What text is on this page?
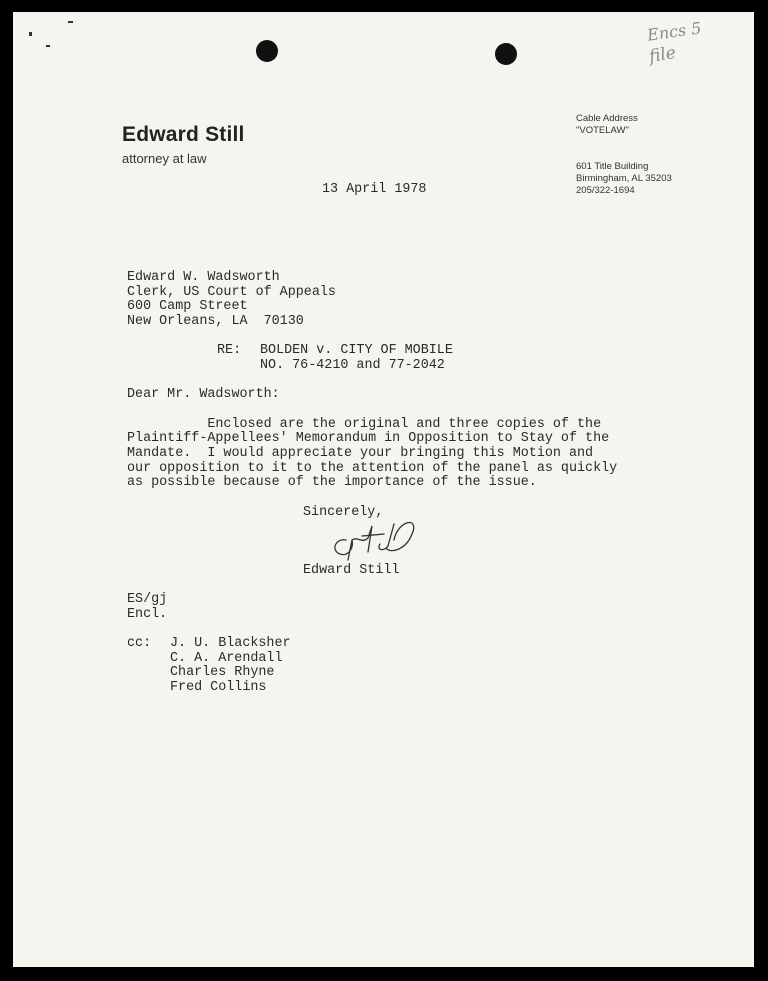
Encs 5
file
Edward Still
attorney at law
Cable Address
"VOTELAW"
601 Title Building
Birmingham, AL 35203
205/322-1694
13 April 1978
Edward W. Wadsworth
Clerk, US Court of Appeals
600 Camp Street
New Orleans, LA  70130
RE: BOLDEN v. CITY OF MOBILE
NO. 76-4210 and 77-2042
Dear Mr. Wadsworth:
Enclosed are the original and three copies of the
Plaintiff-Appellees' Memorandum in Opposition to Stay of the
Mandate.  I would appreciate your bringing this Motion and
our opposition to it to the attention of the panel as quickly
as possible because of the importance of the issue.
Sincerely,
Edward Still
ES/gj
Encl.
cc: J. U. Blacksher
C. A. Arendall
Charles Rhyne
Fred Collins
